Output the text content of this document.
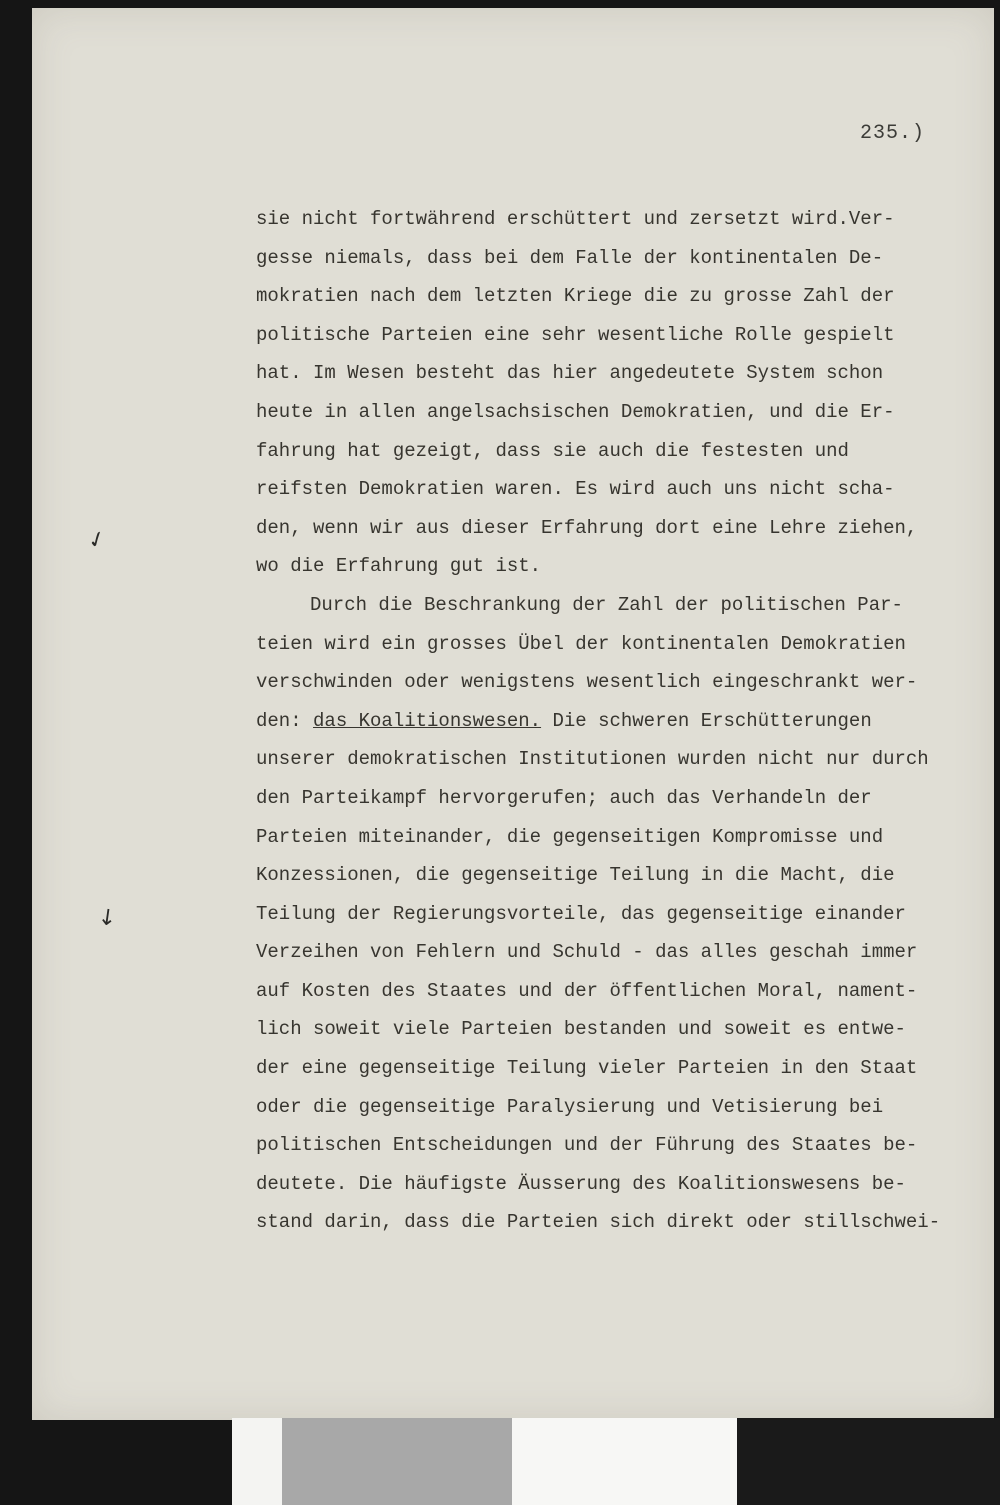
235.)
✓
↓
sie nicht fortwährend erschüttert und zersetzt wird.Ver-
gesse niemals, dass bei dem Falle der kontinentalen De-
mokratien nach dem letzten Kriege die zu grosse Zahl der
politische Parteien eine sehr wesentliche Rolle gespielt
hat. Im Wesen besteht das hier angedeutete System schon
heute in allen angelsachsischen Demokratien, und die Er-
fahrung hat gezeigt, dass sie auch die festesten und
reifsten Demokratien waren. Es wird auch uns nicht scha-
den, wenn wir aus dieser Erfahrung dort eine Lehre ziehen,
wo die Erfahrung gut ist.
Durch die Beschrankung der Zahl der politischen Par-
teien wird ein grosses Übel der kontinentalen Demokratien
verschwinden oder wenigstens wesentlich eingeschrankt wer-
den: das Koalitionswesen. Die schweren Erschütterungen
unserer demokratischen Institutionen wurden nicht nur durch
den Parteikampf hervorgerufen; auch das Verhandeln der
Parteien miteinander, die gegenseitigen Kompromisse und
Konzessionen, die gegenseitige Teilung in die Macht, die
Teilung der Regierungsvorteile, das gegenseitige einander
Verzeihen von Fehlern und Schuld - das alles geschah immer
auf Kosten des Staates und der öffentlichen Moral, nament-
lich soweit viele Parteien bestanden und soweit es entwe-
der eine gegenseitige Teilung vieler Parteien in den Staat
oder die gegenseitige Paralysierung und Vetisierung bei
politischen Entscheidungen und der Führung des Staates be-
deutete. Die häufigste Äusserung des Koalitionswesens be-
stand darin, dass die Parteien sich direkt oder stillschwei-
